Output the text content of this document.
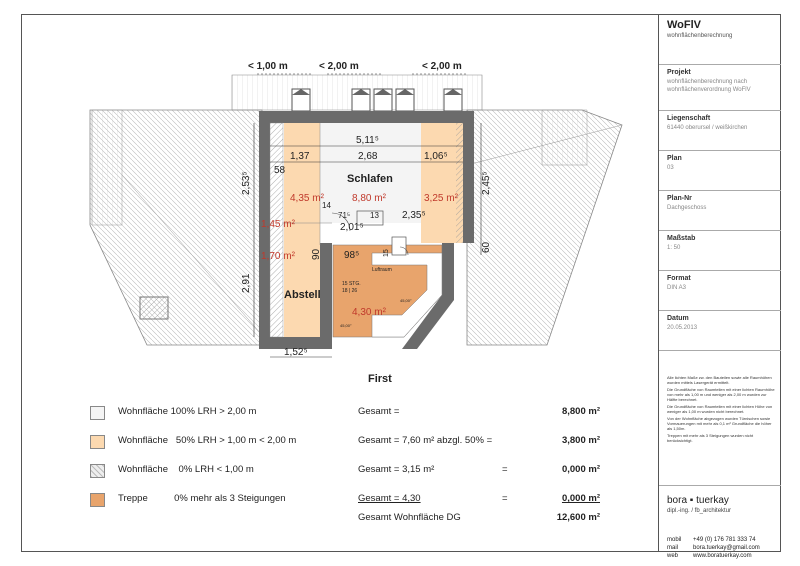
< 1,00 m	< 2,00 m	< 2,00 m
5,11⁵
1,37	2,68	1,06⁵
58
2,53⁵	2,45⁵
14
71⁵ 13 2,35⁵
2,01⁵
60
90 98⁵	15
2,91
1,52⁵
Schlafen
Abstell
First
Luftraum
15 STG.
18 | 26
45,00°
45,00°
4,35 m²	8,80 m²	3,25 m²
1,45 m²
1,70 m²
4,30 m²
Wohnfläche 100% LRH > 2,00 m	Gesamt =	8,800 m²
Wohnfläche   50% LRH > 1,00 m < 2,00 m	Gesamt = 7,60 m² abzgl. 50% =	3,800 m²
Wohnfläche    0% LRH < 1,00 m	Gesamt = 3,15 m²	=	0,000 m²
Treppe          0% mehr als 3 Steigungen	Gesamt = 4,30	=	0,000 m²
Gesamt Wohnfläche DG	12,600 m²
WoFlV
wohnflächenberechnung
Projekt
wohnflächenberechnung nach wohnflächenverordnung WoFlV
Liegenschaft
61440 oberursel / weißkirchen
Plan
03
Plan-Nr
Dachgeschoss
Maßstab
1: 50
Format
DIN A3
Datum
20.05.2013

Alle lichten Maße zw. den Bauteilen sowie alle Raumhöhen wurden mittels Lasergerät ermittelt.

Die Grundfläche von Raumteilen mit einer lichten Raumhöhe von mehr als 1,00 m und weniger als 2,00 m wurden zur Hälfte berechnet.

Die Grundfläche von Raumteilen mit einer lichten Höhe von weniger als 1,00 m wurden nicht berechnet.

Von der Wohnfläche abgezogen wurden Türnischen sowie Vormauerungen mit mehr als 0,1 m² Grundfläche die höher als 1,50m.

Treppen mit mehr als 3 Steigungen wurden nicht berücksichtigt.

bora ▪ tuerkay
dipl.-ing. / fb_architektur
mobil +49 (0) 176 781 333 74
mail bora.tuerkay@gmail.com
web www.boratuerkay.com
